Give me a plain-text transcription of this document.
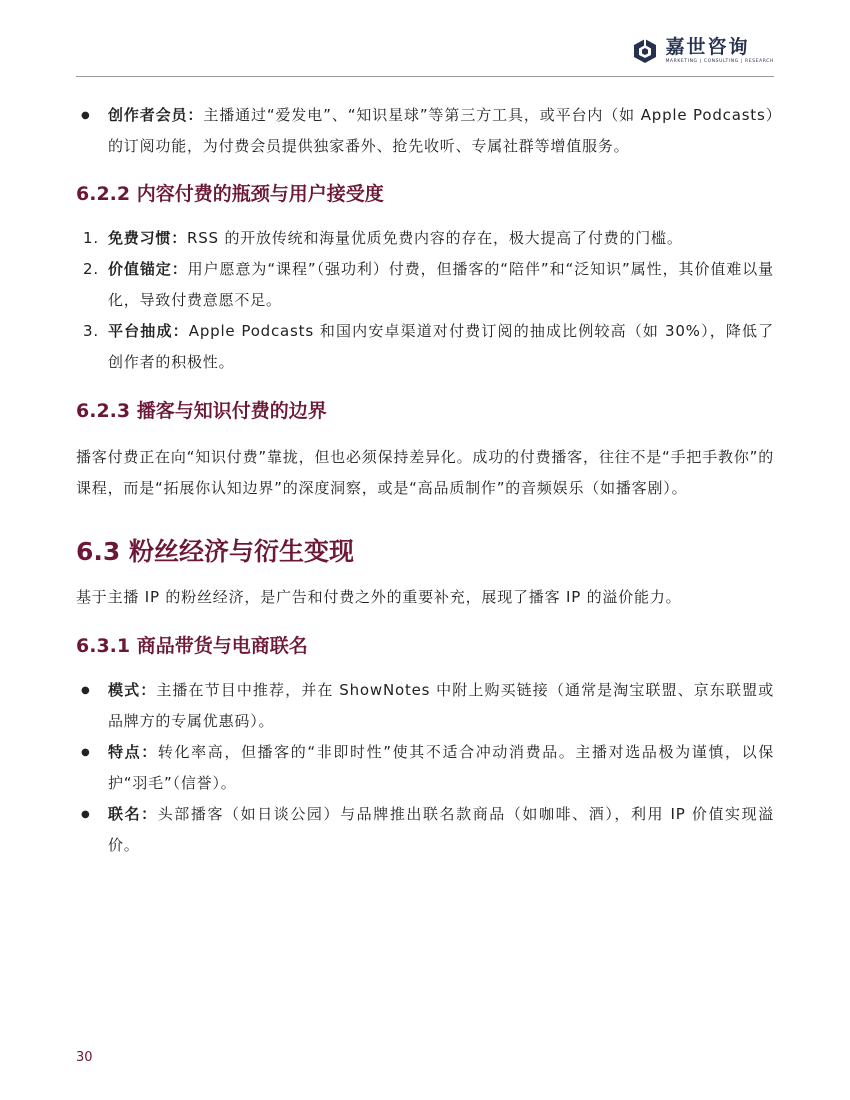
嘉世咨询
MARKETING | CONSULTING | RESEARCH
● 创作者会员：主播通过“爱发电”、“知识星球”等第三方工具，或平台内（如 Apple Podcasts）的订阅功能，为付费会员提供独家番外、抢先收听、专属社群等增值服务。
6.2.2 内容付费的瓶颈与用户接受度
1. 免费习惯：RSS 的开放传统和海量优质免费内容的存在，极大提高了付费的门槛。
2. 价值锚定：用户愿意为“课程”（强功利）付费，但播客的“陪伴”和“泛知识”属性，其价值难以量化，导致付费意愿不足。
3. 平台抽成：Apple Podcasts 和国内安卓渠道对付费订阅的抽成比例较高（如 30%），降低了创作者的积极性。
6.2.3 播客与知识付费的边界

播客付费正在向“知识付费”靠拢，但也必须保持差异化。成功的付费播客，往往不是“手把手教你”的课程，而是“拓展你认知边界”的深度洞察，或是“高品质制作”的音频娱乐（如播客剧）。

6.3 粉丝经济与衍生变现

基于主播 IP 的粉丝经济，是广告和付费之外的重要补充，展现了播客 IP 的溢价能力。

6.3.1 商品带货与电商联名
● 模式：主播在节目中推荐，并在 ShowNotes 中附上购买链接（通常是淘宝联盟、京东联盟或品牌方的专属优惠码）。
● 特点：转化率高，但播客的“非即时性”使其不适合冲动消费品。主播对选品极为谨慎，以保护“羽毛”（信誉）。
● 联名：头部播客（如日谈公园）与品牌推出联名款商品（如咖啡、酒），利用 IP 价值实现溢价。
30
